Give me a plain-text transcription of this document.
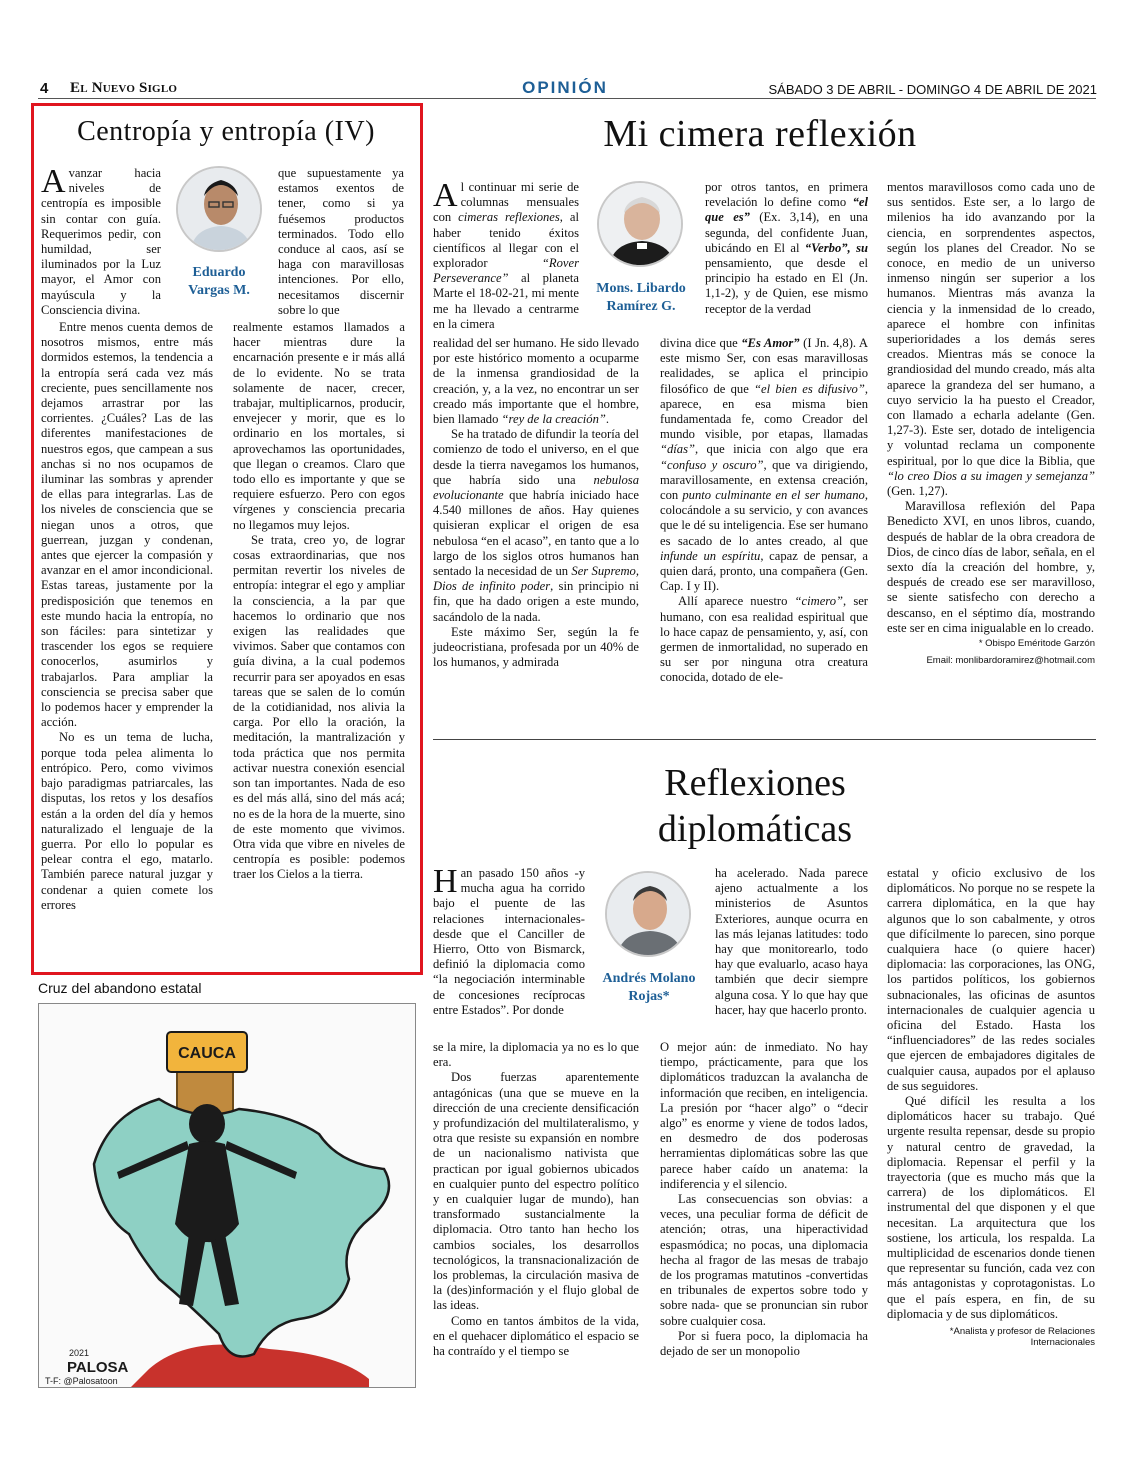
4 El Nuevo Siglo	OPINIÓN	SÁBADO 3 DE ABRIL - DOMINGO 4 DE ABRIL DE 2021
Centropía y entropía (IV)
Avanzar hacia niveles de centropía es imposible sin contar con guía. Requerimos pedir, con humildad, ser iluminados por la Luz mayor, el Amor con mayúscula y la Consciencia divina.
Eduardo
Vargas M.

Entre menos cuenta demos de nosotros mismos, entre más dormidos estemos, la tendencia a la entropía será cada vez más creciente, pues sencillamente nos dejamos arrastrar por las corrientes. ¿Cuáles? Las de las diferentes manifestaciones de nuestros egos, que campean a sus anchas si no nos ocupamos de iluminar las sombras y aprender de ellas para integrarlas. Las de los niveles de consciencia que se niegan unos a otros, que guerrean, juzgan y condenan, antes que ejercer la compasión y avanzar en el amor incondicional. Estas tareas, justamente por la predisposición que tenemos en este mundo hacia la entropía, no son fáciles: para sintetizar y trascender los egos se requiere conocerlos, asumirlos y trabajarlos. Para ampliar la consciencia se precisa saber que lo podemos hacer y emprender la acción.

No es un tema de lucha, porque toda pelea alimenta lo entrópico. Pero, como vivimos bajo paradigmas patriarcales, las disputas, los retos y los desafíos están a la orden del día y hemos naturalizado el lenguaje de la guerra. Por ello lo popular es pelear contra el ego, matarlo. También parece natural juzgar y condenar a quien comete los errores

que supuestamente ya estamos exentos de tener, como si ya fuésemos productos terminados. Todo ello conduce al caos, así se haga con maravillosas intenciones. Por ello, necesitamos discernir sobre lo que

realmente estamos llamados a hacer mientras dure la encarnación presente e ir más allá de lo evidente. No se trata solamente de nacer, crecer, trabajar, multiplicarnos, producir, envejecer y morir, que es lo ordinario en los mortales, si aprovechamos las oportunidades, que llegan o creamos. Claro que todo ello es importante y que se requiere esfuerzo. Pero con egos vírgenes y consciencia precaria no llegamos muy lejos.

Se trata, creo yo, de lograr cosas extraordinarias, que nos permitan revertir los niveles de entropía: integrar el ego y ampliar la consciencia, a la par que hacemos lo ordinario que nos exigen las realidades que vivimos. Saber que contamos con guía divina, a la cual podemos recurrir para ser apoyados en esas tareas que se salen de lo común de la cotidianidad, nos alivia la carga. Por ello la oración, la meditación, la mantralización y toda práctica que nos permita activar nuestra conexión esencial son tan importantes. Nada de eso es del más allá, sino del más acá; no es de la hora de la muerte, sino de este momento que vivimos. Otra vida que vibre en niveles de centropía es posible: podemos traer los Cielos a la tierra.

Mi cimera reflexión
Al continuar mi serie de columnas mensuales con cimeras reflexiones, al haber tenido éxitos científicos al llegar con el explorador “Rover Perseverance” al planeta Marte el 18-02-21, mi mente me ha llevado a centrarme en la cimera
Mons. Libardo
Ramírez G.

realidad del ser humano. He sido llevado por este histórico momento a ocuparme de la inmensa grandiosidad de la creación, y, a la vez, no encontrar un ser creado más importante que el hombre, bien llamado “rey de la creación”.

Se ha tratado de difundir la teoría del comienzo de todo el universo, en el que desde la tierra navegamos los humanos, que habría sido una nebulosa evolucionante que habría iniciado hace 4.540 millones de años. Hay quienes quisieran explicar el origen de esa nebulosa “en el acaso”, en tanto que a lo largo de los siglos otros humanos han sentado la necesidad de un Ser Supremo, Dios de infinito poder, sin principio ni fin, que ha dado origen a este mundo, sacándolo de la nada.

Este máximo Ser, según la fe judeocristiana, profesada por un 40% de los humanos, y admirada

por otros tantos, en primera revelación lo define como “el que es” (Ex. 3,14), en una segunda, del confidente Juan, ubicándo en El al “Verbo”, su pensamiento, que desde el principio ha estado en El (Jn. 1,1-2), y de Quien, ese mismo receptor de la verdad

divina dice que “Es Amor” (I Jn. 4,8). A este mismo Ser, con esas maravillosas realidades, se aplica el principio filosófico de que “el bien es difusivo”, aparece, en esa misma bien fundamentada fe, como Creador del mundo visible, por etapas, llamadas “días”, que inicia con algo que era “confuso y oscuro”, que va dirigiendo, maravillosamente, en extensa creación, con punto culminante en el ser humano, colocándole a su servicio, y con avances que le dé su inteligencia. Ese ser humano es sacado de lo antes creado, al que infunde un espíritu, capaz de pensar, a quien dará, pronto, una compañera (Gen. Cap. I y II).

Allí aparece nuestro “cimero”, ser humano, con esa realidad espiritual que lo hace capaz de pensamiento, y, así, con germen de inmortalidad, no superado en su ser por ninguna otra creatura conocida, dotado de ele-

mentos maravillosos como cada uno de sus sentidos. Este ser, a lo largo de milenios ha ido avanzando por la ciencia, en sorprendentes aspectos, según los planes del Creador. No se conoce, en medio de un universo inmenso ningún ser superior a los humanos. Mientras más avanza la ciencia y la inmensidad de lo creado, aparece el hombre con infinitas superioridades a los demás seres creados. Mientras más se conoce la grandiosidad del mundo creado, más alta aparece la grandeza del ser humano, a cuyo servicio la ha puesto el Creador, con llamado a echarla adelante (Gen. 1,27-3). Este ser, dotado de inteligencia y voluntad reclama un componente espiritual, por lo que dice la Biblia, que “lo creo Dios a su imagen y semejanza” (Gen. 1,27).

Maravillosa reflexión del Papa Benedicto XVI, en unos libros, cuando, después de hablar de la obra creadora de Dios, de cinco días de labor, señala, en el sexto día la creación del hombre, y, después de creado ese ser maravilloso, se siente satisfecho con derecho a descanso, en el séptimo día, mostrando este ser en cima inigualable en lo creado.

* Obispo Eméritode Garzón
Email: monlibardoramirez@hotmail.com
Reflexiones
diplomáticas
Han pasado 150 años -y mucha agua ha corrido bajo el puente de las relaciones internacionales- desde que el Canciller de Hierro, Otto von Bismarck, definió la diplomacia como “la negociación interminable de concesiones recíprocas entre Estados”. Por donde
Andrés Molano
Rojas*

se la mire, la diplomacia ya no es lo que era.

Dos fuerzas aparentemente antagónicas (una que se mueve en la dirección de una creciente densificación y profundización del multilateralismo, y otra que resiste su expansión en nombre de un nacionalismo nativista que practican por igual gobiernos ubicados en cualquier punto del espectro político y en cualquier lugar de mundo), han transformado sustancialmente la diplomacia. Otro tanto han hecho los cambios sociales, los desarrollos tecnológicos, la transnacionalización de los problemas, la circulación masiva de la (des)información y el flujo global de las ideas.

Como en tantos ámbitos de la vida, en el quehacer diplomático el espacio se ha contraído y el tiempo se

ha acelerado. Nada parece ajeno actualmente a los ministerios de Asuntos Exteriores, aunque ocurra en las más lejanas latitudes: todo hay que monitorearlo, todo hay que evaluarlo, acaso haya también que decir siempre alguna cosa. Y lo que hay que hacer, hay que hacerlo pronto.

O mejor aún: de inmediato. No hay tiempo, prácticamente, para que los diplomáticos traduzcan la avalancha de información que reciben, en inteligencia. La presión por “hacer algo” o “decir algo” es enorme y viene de todos lados, en desmedro de dos poderosas herramientas diplomáticas sobre las que parece haber caído un anatema: la indiferencia y el silencio.

Las consecuencias son obvias: a veces, una peculiar forma de déficit de atención; otras, una hiperactividad espasmódica; no pocas, una diplomacia hecha al fragor de las mesas de trabajo de los programas matutinos -convertidas en tribunales de expertos sobre todo y sobre nada- que se pronuncian sin rubor sobre cualquier cosa.

Por si fuera poco, la diplomacia ha dejado de ser un monopolio

estatal y oficio exclusivo de los diplomáticos. No porque no se respete la carrera diplomática, en la que hay algunos que lo son cabalmente, y otros que difícilmente lo parecen, sino porque cualquiera hace (o quiere hacer) diplomacia: las corporaciones, las ONG, los partidos políticos, los gobiernos subnacionales, las oficinas de asuntos internacionales de cualquier agencia u oficina del Estado. Hasta los “influenciadores” de las redes sociales que ejercen de embajadores digitales de cualquier causa, aupados por el aplauso de sus seguidores.

Qué difícil les resulta a los diplomáticos hacer su trabajo. Qué urgente resulta repensar, desde su propio y natural centro de gravedad, la diplomacia. Repensar el perfil y la trayectoria (que es mucho más que la carrera) de los diplomáticos. El instrumental del que disponen y el que necesitan. La arquitectura que los sostiene, los articula, los respalda. La multiplicidad de escenarios donde tienen que representar su función, cada vez con más antagonistas y coprotagonistas. Lo que el país espera, en fin, de su diplomacia y de sus diplomáticos.

*Analista y profesor de Relaciones Internacionales
Cruz del abandono estatal
CAUCA
2021
PALOSA
T-F: @Palosatoon
